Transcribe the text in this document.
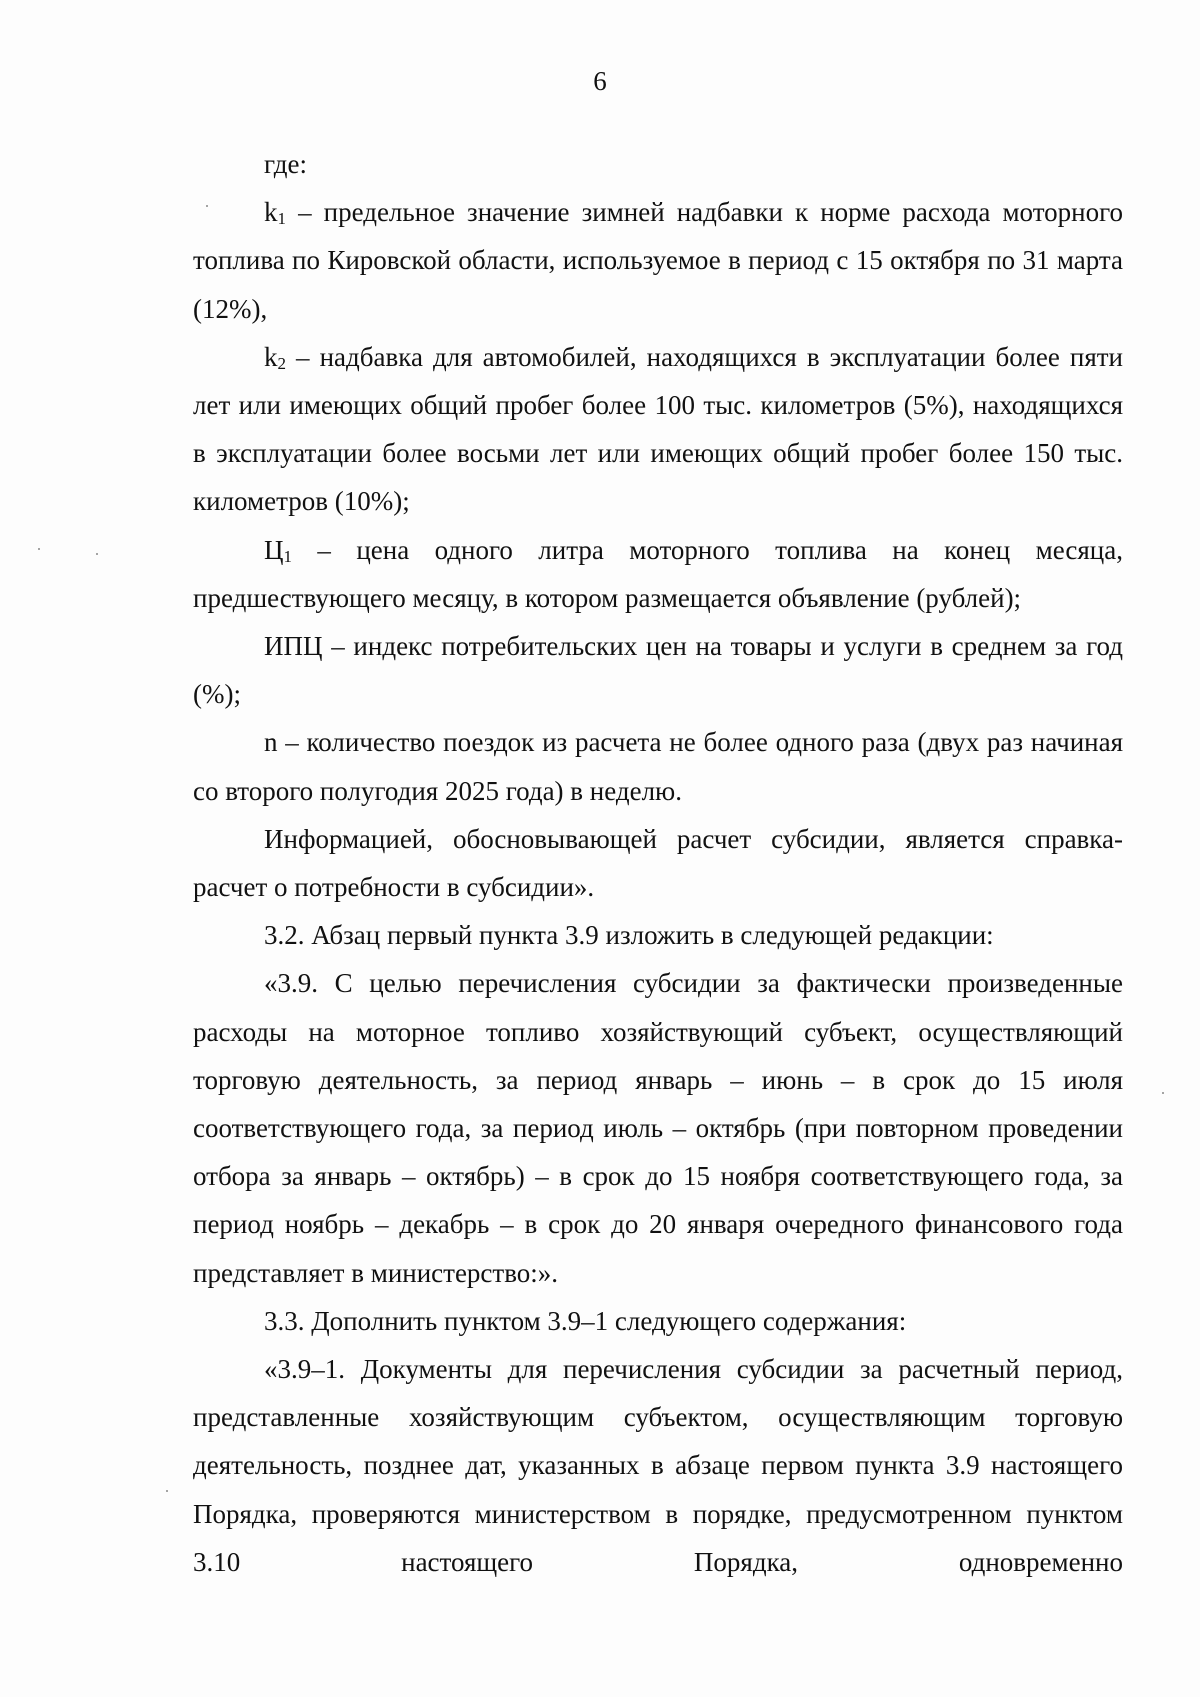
6

где:

$k_1$ – предельное значение зимней надбавки к норме расхода моторного топлива по Кировской области, используемое в период с 15 октября по 31 марта (12%),

$k_2$ – надбавка для автомобилей, находящихся в эксплуатации более пяти лет или имеющих общий пробег более 100 тыс. километров (5%), находящихся в эксплуатации более восьми лет или имеющих общий пробег более 150 тыс. километров (10%);

$Ц_1$ – цена одного литра моторного топлива на конец месяца, предшествующего месяцу, в котором размещается объявление (рублей);

ИПЦ – индекс потребительских цен на товары и услуги в среднем за год (%);

n – количество поездок из расчета не более одного раза (двух раз начиная со второго полугодия 2025 года) в неделю.

Информацией, обосновывающей расчет субсидии, является справка-расчет о потребности в субсидии».

3.2. Абзац первый пункта 3.9 изложить в следующей редакции:

«3.9. С целью перечисления субсидии за фактически произведенные расходы на моторное топливо хозяйствующий субъект, осуществляющий торговую деятельность, за период январь – июнь – в срок до 15 июля соответствующего года, за период июль – октябрь (при повторном проведении отбора за январь – октябрь) – в срок до 15 ноября соответствующего года, за период ноябрь – декабрь – в срок до 20 января очередного финансового года представляет в министерство:».

3.3. Дополнить пунктом 3.9–1 следующего содержания:

«3.9–1. Документы для перечисления субсидии за расчетный период, представленные хозяйствующим субъектом, осуществляющим торговую деятельность, позднее дат, указанных в абзаце первом пункта 3.9 настоящего Порядка, проверяются министерством в порядке, предусмотренном пунктом 3.10 настоящего Порядка, одновременно
